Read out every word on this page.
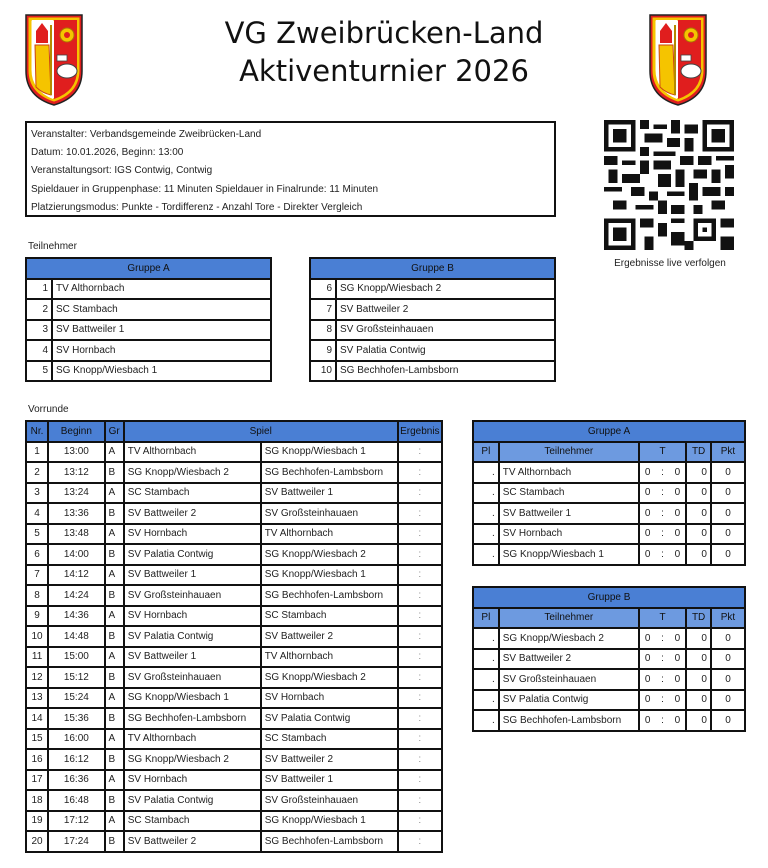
VG Zweibrücken-Land
Aktiventurnier 2026
Veranstalter: Verbandsgemeinde Zweibrücken-Land
Datum: 10.01.2026, Beginn: 13:00
Veranstaltungsort: IGS Contwig, Contwig
Spieldauer in Gruppenphase: 11 Minuten Spieldauer in Finalrunde: 11 Minuten
Platzierungsmodus: Punkte - Tordifferenz - Anzahl Tore - Direkter Vergleich
Ergebnisse live verfolgen
Teilnehmer
Gruppe A	
1	TV Althornbach
2	SC Stambach
3	SV Battweiler 1
4	SV Hornbach
5	SG Knopp/Wiesbach 1
Gruppe B	
6	SG Knopp/Wiesbach 2
7	SV Battweiler 2
8	SV Großsteinhauaen
9	SV Palatia Contwig
10	SG Bechhofen-Lambsborn
Vorrunde
Nr.	Beginn	Gr	Spiel		Ergebnis
1	13:00	A	TV Althornbach	SG Knopp/Wiesbach 1	:
2	13:12	B	SG Knopp/Wiesbach 2	SG Bechhofen-Lambsborn	:
3	13:24	A	SC Stambach	SV Battweiler 1	:
4	13:36	B	SV Battweiler 2	SV Großsteinhauaen	:
5	13:48	A	SV Hornbach	TV Althornbach	:
6	14:00	B	SV Palatia Contwig	SG Knopp/Wiesbach 2	:
7	14:12	A	SV Battweiler 1	SG Knopp/Wiesbach 1	:
8	14:24	B	SV Großsteinhauaen	SG Bechhofen-Lambsborn	:
9	14:36	A	SV Hornbach	SC Stambach	:
10	14:48	B	SV Palatia Contwig	SV Battweiler 2	:
11	15:00	A	SV Battweiler 1	TV Althornbach	:
12	15:12	B	SV Großsteinhauaen	SG Knopp/Wiesbach 2	:
13	15:24	A	SG Knopp/Wiesbach 1	SV Hornbach	:
14	15:36	B	SG Bechhofen-Lambsborn	SV Palatia Contwig	:
15	16:00	A	TV Althornbach	SC Stambach	:
16	16:12	B	SG Knopp/Wiesbach 2	SV Battweiler 2	:
17	16:36	A	SV Hornbach	SV Battweiler 1	:
18	16:48	B	SV Palatia Contwig	SV Großsteinhauaen	:
19	17:12	A	SC Stambach	SG Knopp/Wiesbach 1	:
20	17:24	B	SV Battweiler 2	SG Bechhofen-Lambsborn	:
Gruppe A				
Pl	Teilnehmer	T	TD	Pkt
.	TV Althornbach	0 : 0	0	0
.	SC Stambach	0 : 0	0	0
.	SV Battweiler 1	0 : 0	0	0
.	SV Hornbach	0 : 0	0	0
.	SG Knopp/Wiesbach 1	0 : 0	0	0
Gruppe B				
Pl	Teilnehmer	T	TD	Pkt
.	SG Knopp/Wiesbach 2	0 : 0	0	0
.	SV Battweiler 2	0 : 0	0	0
.	SV Großsteinhauaen	0 : 0	0	0
.	SV Palatia Contwig	0 : 0	0	0
.	SG Bechhofen-Lambsborn	0 : 0	0	0
